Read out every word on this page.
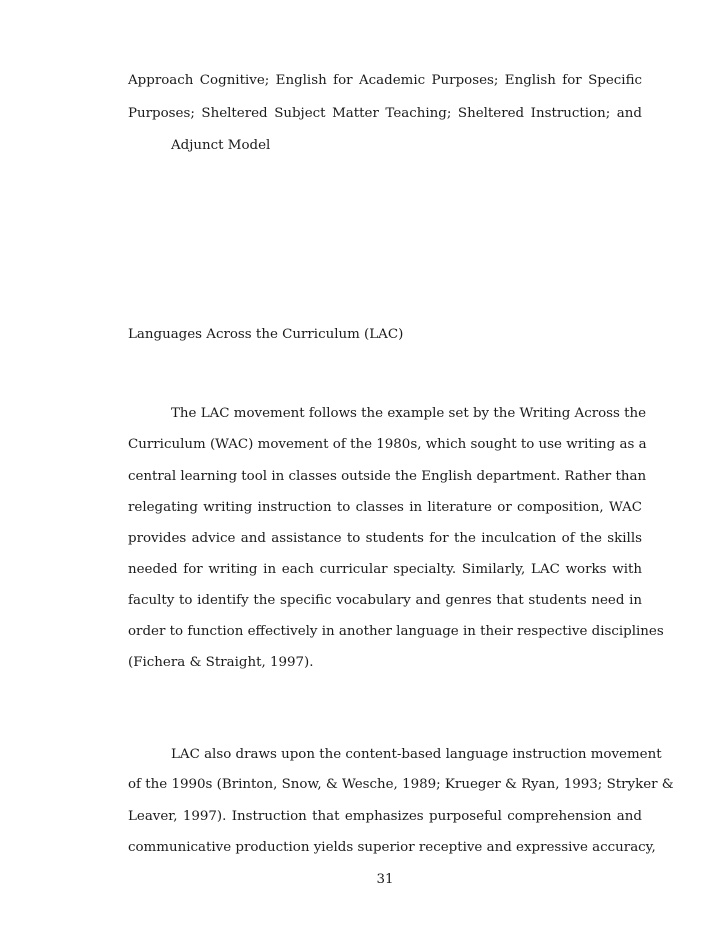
Approach Cognitive; English for Academic Purposes; English for Specific
Purposes; Sheltered Subject Matter Teaching; Sheltered Instruction; and
Adjunct Model
Languages Across the Curriculum (LAC)
The LAC movement follows the example set by the Writing Across the
Curriculum (WAC) movement of the 1980s, which sought to use writing as a
central learning tool in classes outside the English department. Rather than
relegating writing instruction to classes in literature or composition, WAC
provides advice and assistance to students for the inculcation of the skills
needed for writing in each curricular specialty. Similarly, LAC works with
faculty to identify the specific vocabulary and genres that students need in
order to function effectively in another language in their respective disciplines
(Fichera & Straight, 1997).
LAC also draws upon the content-based language instruction movement
of the 1990s (Brinton, Snow, & Wesche, 1989; Krueger & Ryan, 1993; Stryker &
Leaver, 1997). Instruction that emphasizes purposeful comprehension and
communicative production yields superior receptive and expressive accuracy,
31
